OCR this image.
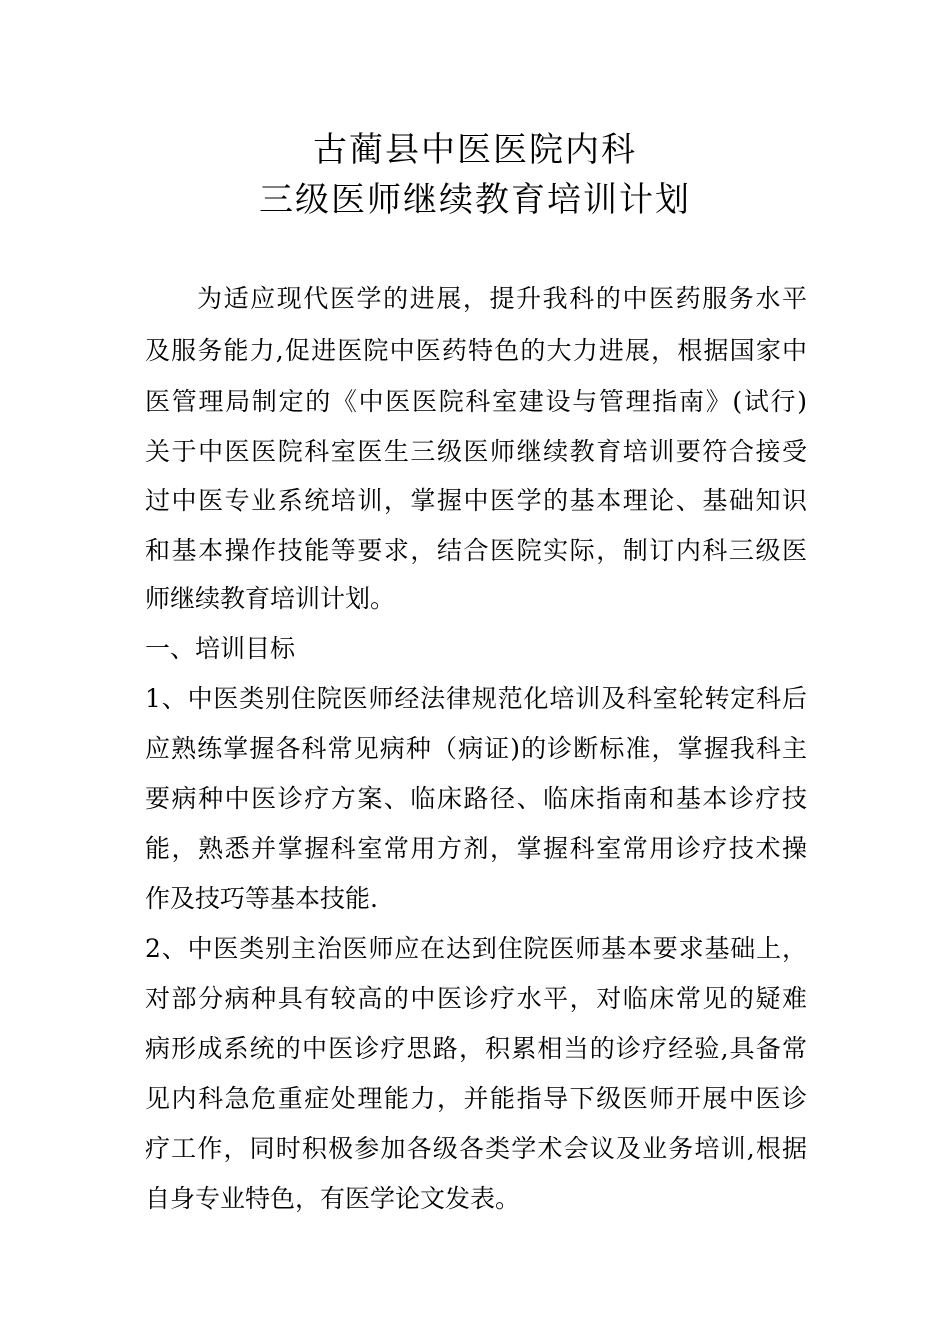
古蔺县中医医院内科
三级医师继续教育培训计划
为适应现代医学的进展，提升我科的中医药服务水平
及服务能力,促进医院中医药特色的大力进展，根据国家中
医管理局制定的《中医医院科室建设与管理指南》(试行)
关于中医医院科室医生三级医师继续教育培训要符合接受
过中医专业系统培训，掌握中医学的基本理论、基础知识
和基本操作技能等要求，结合医院实际，制订内科三级医
师继续教育培训计划。
一、培训目标
1、中医类别住院医师经法律规范化培训及科室轮转定科后
应熟练掌握各科常见病种（病证)的诊断标准，掌握我科主
要病种中医诊疗方案、临床路径、临床指南和基本诊疗技
能，熟悉并掌握科室常用方剂，掌握科室常用诊疗技术操
作及技巧等基本技能.
2、中医类别主治医师应在达到住院医师基本要求基础上，
对部分病种具有较高的中医诊疗水平，对临床常见的疑难
病形成系统的中医诊疗思路，积累相当的诊疗经验,具备常
见内科急危重症处理能力，并能指导下级医师开展中医诊
疗工作，同时积极参加各级各类学术会议及业务培训,根据
自身专业特色，有医学论文发表。
